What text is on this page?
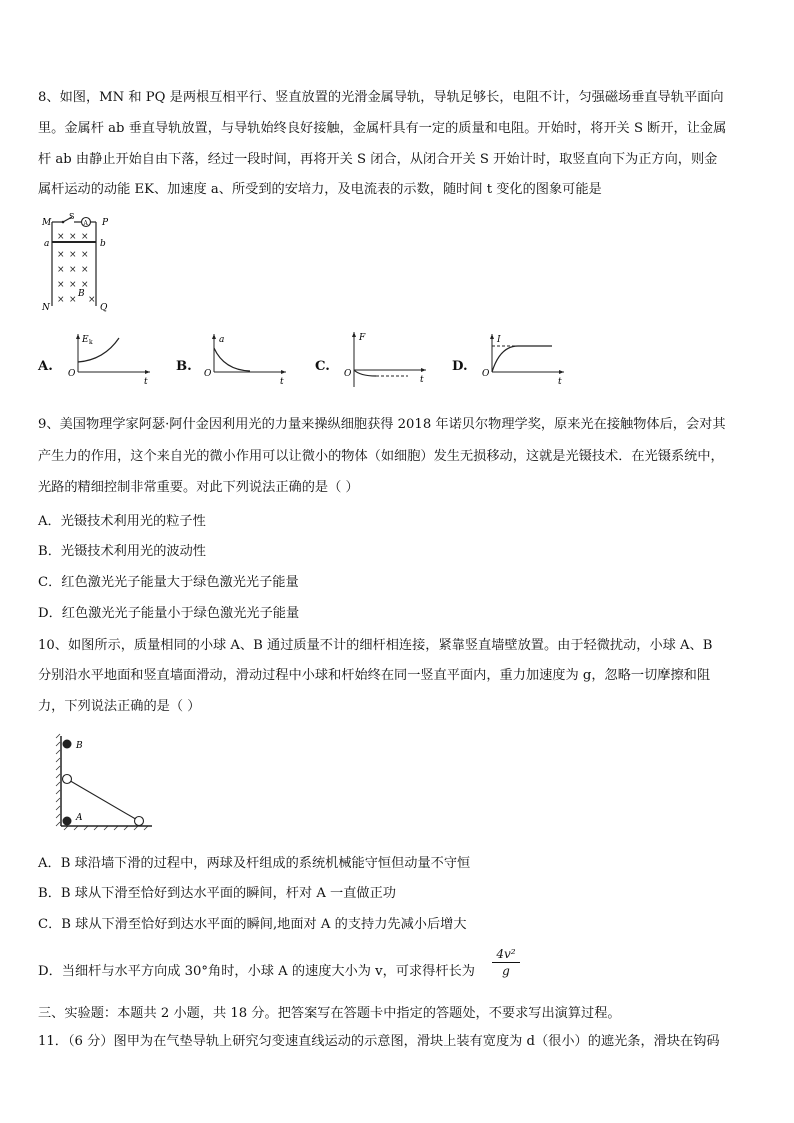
8、如图，MN 和 PQ 是两根互相平行、竖直放置的光滑金属导轨，导轨足够长，电阻不计，匀强磁场垂直导轨平面向
里。金属杆 ab 垂直导轨放置，与导轨始终良好接触，金属杆具有一定的质量和电阻。开始时，将开关 S 断开，让金属
杆 ab 由静止开始自由下落，经过一段时间，再将开关 S 闭合，从闭合开关 S 开始计时，取竖直向下为正方向，则金
属杆运动的动能 EK、加速度 a、所受到的安培力，及电流表的示数，随时间 t 变化的图象可能是
M
S
P
A
a	b
× × ×
× × ×
× × ×
× × ×
× × ×
B
N	Q
A.
E k
O
t
B.
a
O
t
C.
F
O
t
D.
I
O
t
9、美国物理学家阿瑟·阿什金因利用光的力量来操纵细胞获得 2018 年诺贝尔物理学奖，原来光在接触物体后，会对其
产生力的作用，这个来自光的微小作用可以让微小的物体（如细胞）发生无损移动，这就是光镊技术．在光镊系统中，
光路的精细控制非常重要。对此下列说法正确的是（ ）
A．光镊技术利用光的粒子性
B．光镊技术利用光的波动性
C．红色激光光子能量大于绿色激光光子能量
D．红色激光光子能量小于绿色激光光子能量
10、如图所示，质量相同的小球 A、B 通过质量不计的细杆相连接，紧靠竖直墙壁放置。由于轻微扰动，小球 A、B
分别沿水平地面和竖直墙面滑动，滑动过程中小球和杆始终在同一竖直平面内，重力加速度为 g，忽略一切摩擦和阻
力，下列说法正确的是（ ）
B
A
A．B 球沿墙下滑的过程中，两球及杆组成的系统机械能守恒但动量不守恒
B．B 球从下滑至恰好到达水平面的瞬间，杆对 A 一直做正功
C．B 球从下滑至恰好到达水平面的瞬间,地面对 A 的支持力先减小后增大
D．当细杆与水平方向成 30°角时，小球 A 的速度大小为 v，可求得杆长为 $\frac{\text{4v²}}{g}$
三、实验题：本题共 2 小题，共 18 分。把答案写在答题卡中指定的答题处，不要求写出演算过程。
11．（6 分）图甲为在气垫导轨上研究匀变速直线运动的示意图，滑块上装有宽度为 d（很小）的遮光条，滑块在钩码
